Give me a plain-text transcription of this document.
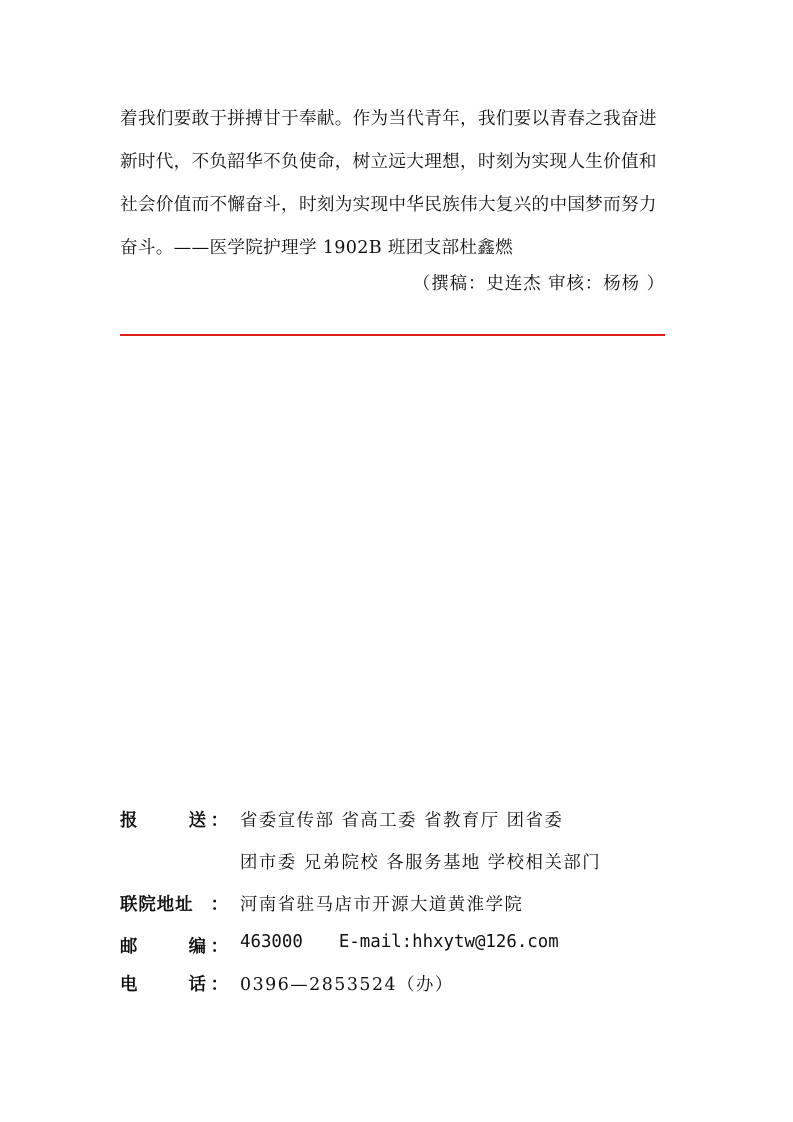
着我们要敢于拼搏甘于奉献。作为当代青年，我们要以青春之我奋进
新时代，不负韶华不负使命，树立远大理想，时刻为实现人生价值和
社会价值而不懈奋斗，时刻为实现中华民族伟大复兴的中国梦而努力
奋斗。——医学院护理学 1902B 班团支部杜鑫燃
（撰稿：史连杰 审核：杨杨 ）
报	送 ： 省委宣传部 省高工委 省教育厅 团省委
团市委 兄弟院校 各服务基地 学校相关部门
联院地址 ： 河南省驻马店市开源大道黄淮学院
邮	编 ： 463000 E-mail:hhxytw@126.com
电	话 ： 0396—2853524（办）
